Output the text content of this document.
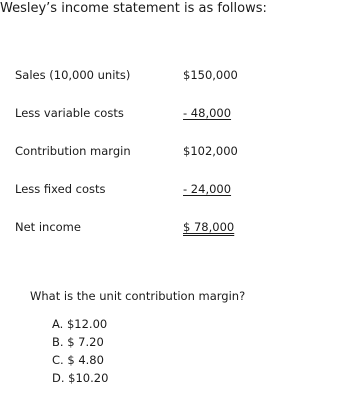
Wesley’s income statement is as follows:
Sales (10,000 units)	$150,000
Less variable costs	- 48,000
Contribution margin	$102,000
Less fixed costs	- 24,000
Net income	$ 78,000
What is the unit contribution margin?
A. $12.00
B. $ 7.20
C. $ 4.80
D. $10.20
